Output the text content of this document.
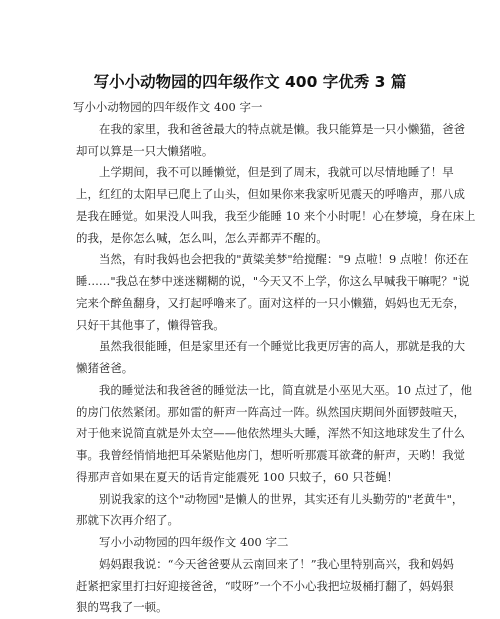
写小小动物园的四年级作文 400 字优秀 3 篇
写小小动物园的四年级作文 400 字一
在我的家里，我和爸爸最大的特点就是懒。我只能算是一只小懒猫，爸爸
却可以算是一只大懒猪啦。
上学期间，我不可以睡懒觉，但是到了周末，我就可以尽情地睡了！早
上，红红的太阳早已爬上了山头，但如果你来我家听见震天的呼噜声，那八成
是我在睡觉。如果没人叫我，我至少能睡 10 来个小时呢！心在梦境，身在床上
的我，是你怎么喊，怎么叫，怎么弄都弄不醒的。
当然，有时我妈也会把我的"黄粱美梦"给搅醒："9 点啦！9 点啦！你还在
睡……"我总在梦中迷迷糊糊的说，"今天又不上学，你这么早喊我干嘛呢？"说
完来个醉鱼翻身，又打起呼噜来了。面对这样的一只小懒猫，妈妈也无无奈，
只好干其他事了，懒得管我。
虽然我很能睡，但是家里还有一个睡觉比我更厉害的高人，那就是我的大
懒猪爸爸。
我的睡觉法和我爸爸的睡觉法一比，简直就是小巫见大巫。10 点过了，他
的房门依然紧闭。那如雷的鼾声一阵高过一阵。纵然国庆期间外面锣鼓喧天，
对于他来说简直就是外太空——他依然埋头大睡，浑然不知这地球发生了什么
事。我曾经悄悄地把耳朵紧贴他房门，想听听那震耳欲聋的鼾声，天哟！我觉
得那声音如果在夏天的话肯定能震死 100 只蚊子，60 只苍蝇！
别说我家的这个"动物园"是懒人的世界，其实还有儿头勤劳的"老黄牛"，
那就下次再介绍了。
写小小动物园的四年级作文 400 字二
妈妈跟我说：“今天爸爸要从云南回来了！”我心里特别高兴，我和妈妈
赶紧把家里打扫好迎接爸爸，“哎呀”一个不小心我把垃圾桶打翻了，妈妈狠
狠的骂我了一顿。
